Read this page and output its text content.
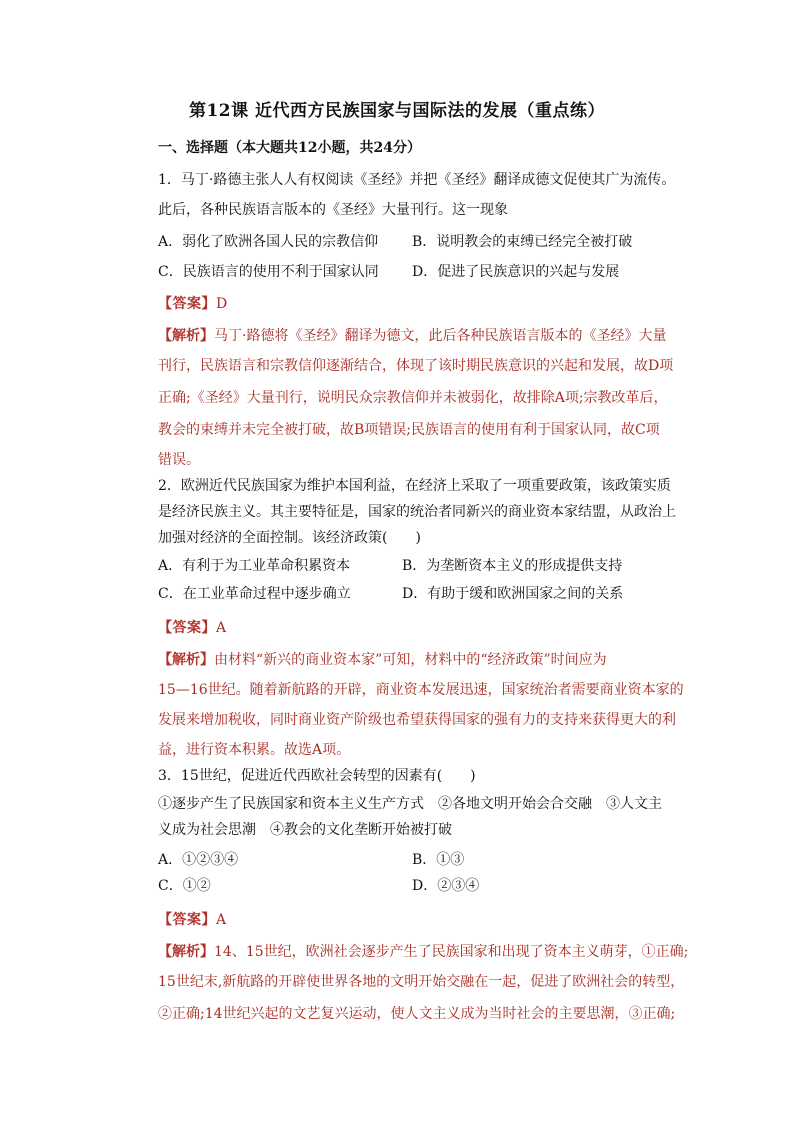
第12课 近代西方民族国家与国际法的发展（重点练）
一、选择题（本大题共12小题，共24分）
1．马丁·路德主张人人有权阅读《圣经》并把《圣经》翻译成德文促使其广为流传。
此后，各种民族语言版本的《圣经》大量刊行。这一现象
A．弱化了欧洲各国人民的宗教信仰 B．说明教会的束缚已经完全被打破
C．民族语言的使用不利于国家认同 D．促进了民族意识的兴起与发展
【答案】D
【解析】马丁·路德将《圣经》翻译为德文，此后各种民族语言版本的《圣经》大量
刊行，民族语言和宗教信仰逐渐结合，体现了该时期民族意识的兴起和发展，故D项
正确;《圣经》大量刊行，说明民众宗教信仰并未被弱化，故排除A项;宗教改革后，
教会的束缚并未完全被打破，故B项错误;民族语言的使用有利于国家认同，故C项
错误。
2．欧洲近代民族国家为维护本国利益，在经济上采取了一项重要政策，该政策实质
是经济民族主义。其主要特征是，国家的统治者同新兴的商业资本家结盟，从政治上
加强对经济的全面控制。该经济政策(　　)
A．有利于为工业革命积累资本	B．为垄断资本主义的形成提供支持
C．在工业革命过程中逐步确立	D．有助于缓和欧洲国家之间的关系
【答案】A
【解析】由材料“新兴的商业资本家”可知，材料中的“经济政策”时间应为
15—16世纪。随着新航路的开辟，商业资本发展迅速，国家统治者需要商业资本家的
发展来增加税收，同时商业资产阶级也希望获得国家的强有力的支持来获得更大的利
益，进行资本积累。故选A项。
3．15世纪，促进近代西欧社会转型的因素有(　　)
①逐步产生了民族国家和资本主义生产方式　②各地文明开始会合交融　③人文主
义成为社会思潮　④教会的文化垄断开始被打破
A．①②③④	B．①③
C．①②	D．②③④
【答案】A
【解析】14、15世纪，欧洲社会逐步产生了民族国家和出现了资本主义萌芽，①正确;
15世纪末,新航路的开辟使世界各地的文明开始交融在一起，促进了欧洲社会的转型，
②正确;14世纪兴起的文艺复兴运动，使人文主义成为当时社会的主要思潮，③正确;
